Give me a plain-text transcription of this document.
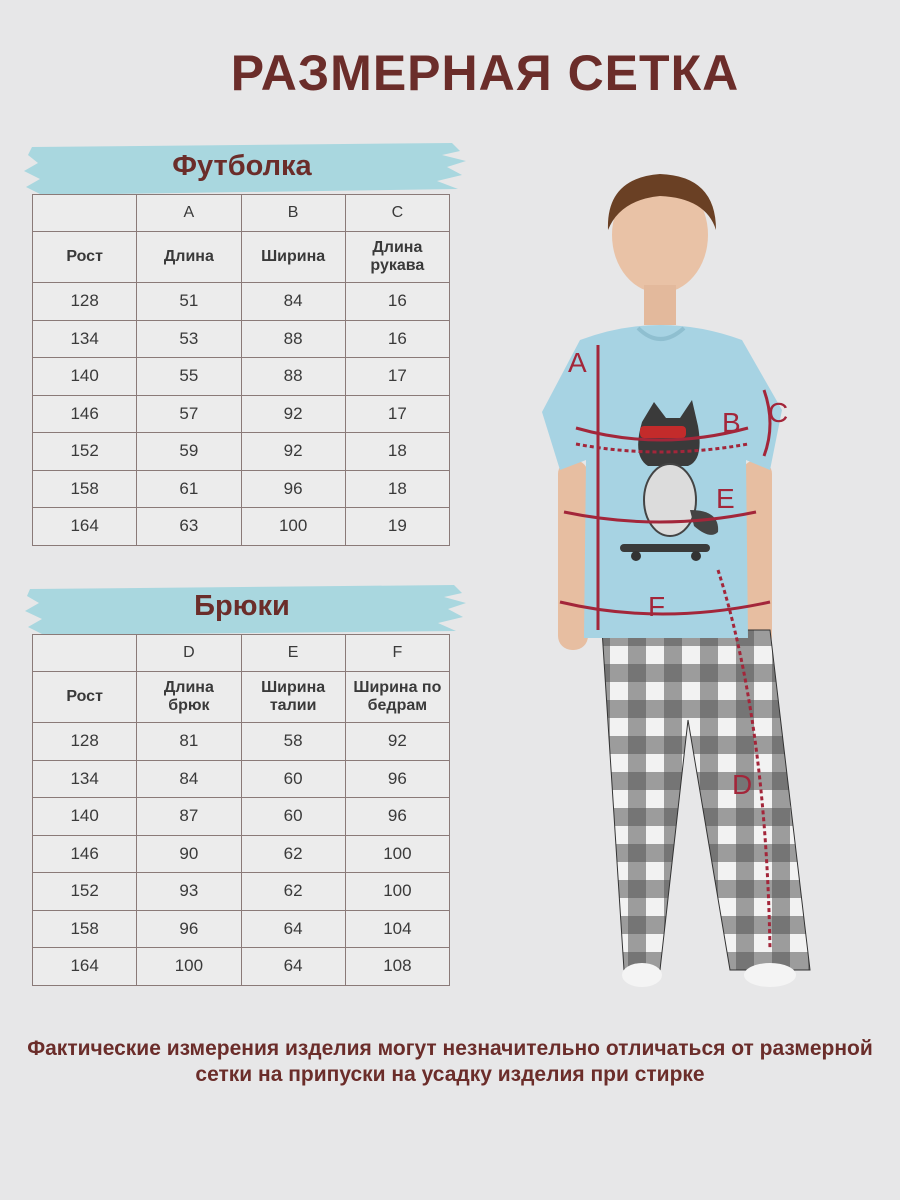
РАЗМЕРНАЯ СЕТКА
Футболка
	A	B	C
Рост	Длина	Ширина	Длина рукава
128	51	84	16
134	53	88	16
140	55	88	17
146	57	92	17
152	59	92	18
158	61	96	18
164	63	100	19
Брюки
	D	E	F
Рост	Длина брюк	Ширина талии	Ширина по бедрам
128	81	58	92
134	84	60	96
140	87	60	96
146	90	62	100
152	93	62	100
158	96	64	104
164	100	64	108
A
B C
E
F
D
Фактические измерения изделия могут незначительно отличаться от размерной сетки на припуски на усадку изделия при стирке
